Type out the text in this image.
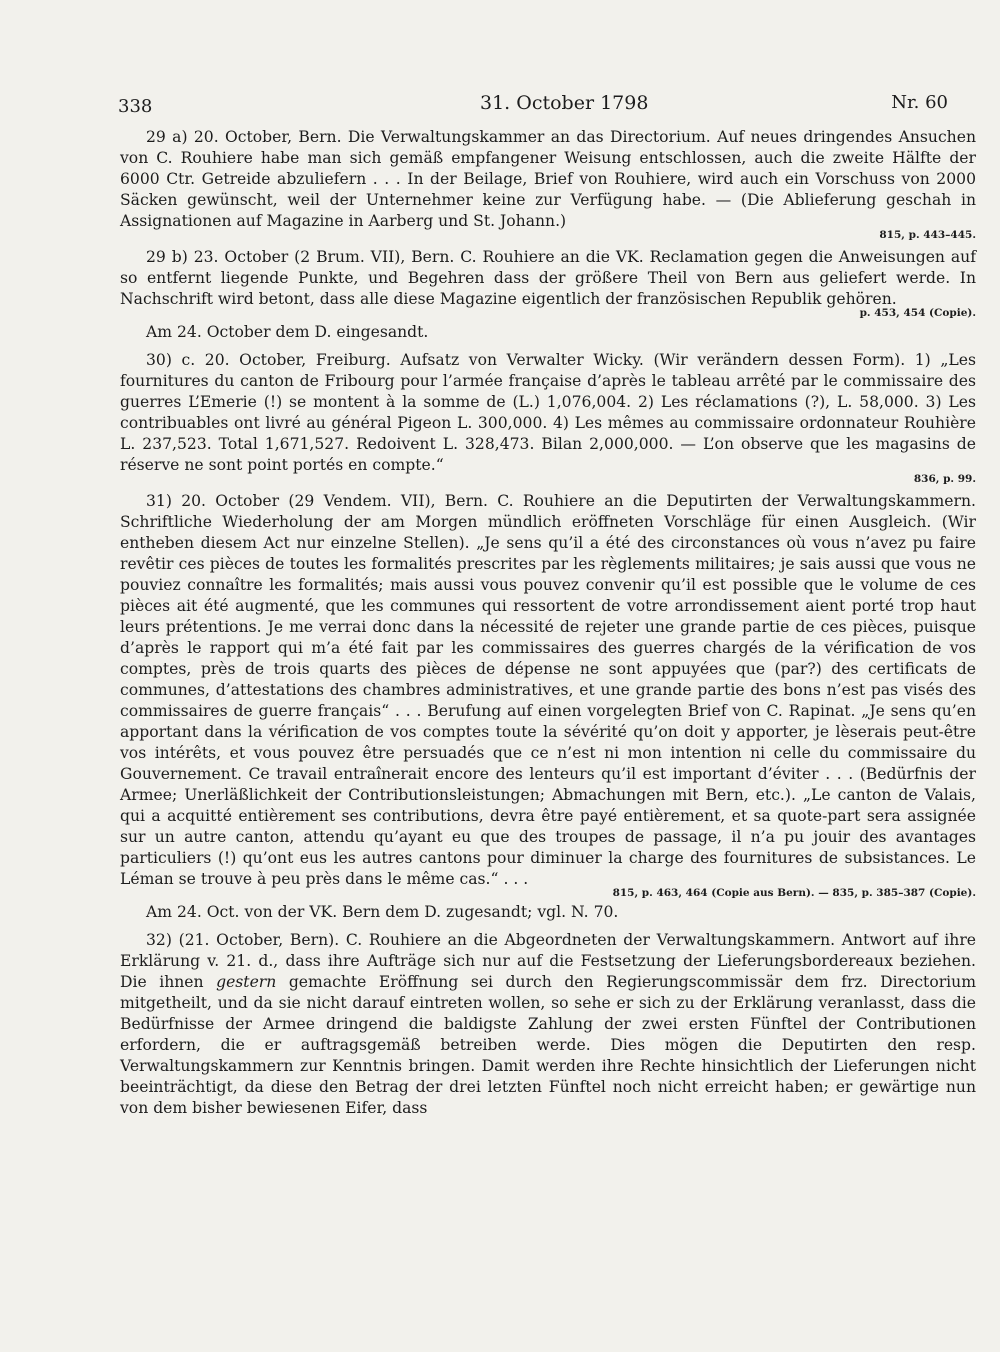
338	31. October 1798	Nr. 60

29 a) 20. October, Bern. Die Verwaltungskammer an das Directorium. Auf neues dringendes Ansuchen von C. Rouhiere habe man sich gemäß empfangener Weisung entschlossen, auch die zweite Hälfte der 6000 Ctr. Getreide abzuliefern . . . In der Beilage, Brief von Rouhiere, wird auch ein Vorschuss von 2000 Säcken gewünscht, weil der Unternehmer keine zur Verfügung habe. — (Die Ablieferung geschah in Assignationen auf Magazine in Aarberg und St. Johann.)

815, p. 443–445.

29 b) 23. October (2 Brum. VII), Bern. C. Rouhiere an die VK. Reclamation gegen die Anweisungen auf so entfernt liegende Punkte, und Begehren dass der größere Theil von Bern aus geliefert werde. In Nachschrift wird betont, dass alle diese Magazine eigentlich der französischen Republik gehören.

p. 453, 454 (Copie).
Am 24. October dem D. eingesandt.

30) c. 20. October, Freiburg. Aufsatz von Verwalter Wicky. (Wir verändern dessen Form). 1) „Les fournitures du canton de Fribourg pour l’armée française d’après le tableau arrêté par le commissaire des guerres L’Emerie (!) se montent à la somme de (L.) 1,076,004. 2) Les réclamations (?), L. 58,000. 3) Les contribuables ont livré au général Pigeon L. 300,000. 4) Les mêmes au commissaire ordonnateur Rouhière L. 237,523. Total 1,671,527. Redoivent L. 328,473. Bilan 2,000,000. — L’on observe que les magasins de réserve ne sont point portés en compte.“

836, p. 99.

31) 20. October (29 Vendem. VII), Bern. C. Rouhiere an die Deputirten der Verwaltungskammern. Schriftliche Wiederholung der am Morgen mündlich eröffneten Vorschläge für einen Ausgleich. (Wir entheben diesem Act nur einzelne Stellen). „Je sens qu’il a été des circonstances où vous n’avez pu faire revêtir ces pièces de toutes les formalités prescrites par les règlements militaires; je sais aussi que vous ne pouviez connaître les formalités; mais aussi vous pouvez convenir qu’il est possible que le volume de ces pièces ait été augmenté, que les communes qui ressortent de votre arrondissement aient porté trop haut leurs prétentions. Je me verrai donc dans la nécessité de rejeter une grande partie de ces pièces, puisque d’après le rapport qui m’a été fait par les commissaires des guerres chargés de la vérification de vos comptes, près de trois quarts des pièces de dépense ne sont appuyées que (par?) des certificats de communes, d’attestations des chambres administratives, et une grande partie des bons n’est pas visés des commissaires de guerre français“ . . . Berufung auf einen vorgelegten Brief von C. Rapinat. „Je sens qu’en apportant dans la vérification de vos comptes toute la sévérité qu’on doit y apporter, je lèserais peut-être vos intérêts, et vous pouvez être persuadés que ce n’est ni mon intention ni celle du commissaire du Gouvernement. Ce travail entraînerait encore des lenteurs qu’il est important d’éviter . . . (Bedürfnis der Armee; Unerläßlichkeit der Contributionsleistungen; Abmachungen mit Bern, etc.). „Le canton de Valais, qui a acquitté entièrement ses contributions, devra être payé entièrement, et sa quote-part sera assignée sur un autre canton, attendu qu’ayant eu que des troupes de passage, il n’a pu jouir des avantages particuliers (!) qu’ont eus les autres cantons pour diminuer la charge des fournitures de subsistances. Le Léman se trouve à peu près dans le même cas.“ . . .

815, p. 463, 464 (Copie aus Bern). — 835, p. 385–387 (Copie).
Am 24. Oct. von der VK. Bern dem D. zugesandt; vgl. N. 70.

32) (21. October, Bern). C. Rouhiere an die Abgeordneten der Verwaltungskammern. Antwort auf ihre Erklärung v. 21. d., dass ihre Aufträge sich nur auf die Festsetzung der Lieferungsbordereaux beziehen. Die ihnen gestern gemachte Eröffnung sei durch den Regierungscommissär dem frz. Directorium mitgetheilt, und da sie nicht darauf eintreten wollen, so sehe er sich zu der Erklärung veranlasst, dass die Bedürfnisse der Armee dringend die baldigste Zahlung der zwei ersten Fünftel der Contributionen erfordern, die er auftragsgemäß betreiben werde. Dies mögen die Deputirten den resp. Verwaltungskammern zur Kenntnis bringen. Damit werden ihre Rechte hinsichtlich der Lieferungen nicht beeinträchtigt, da diese den Betrag der drei letzten Fünftel noch nicht erreicht haben; er gewärtige nun von dem bisher bewiesenen Eifer, dass
